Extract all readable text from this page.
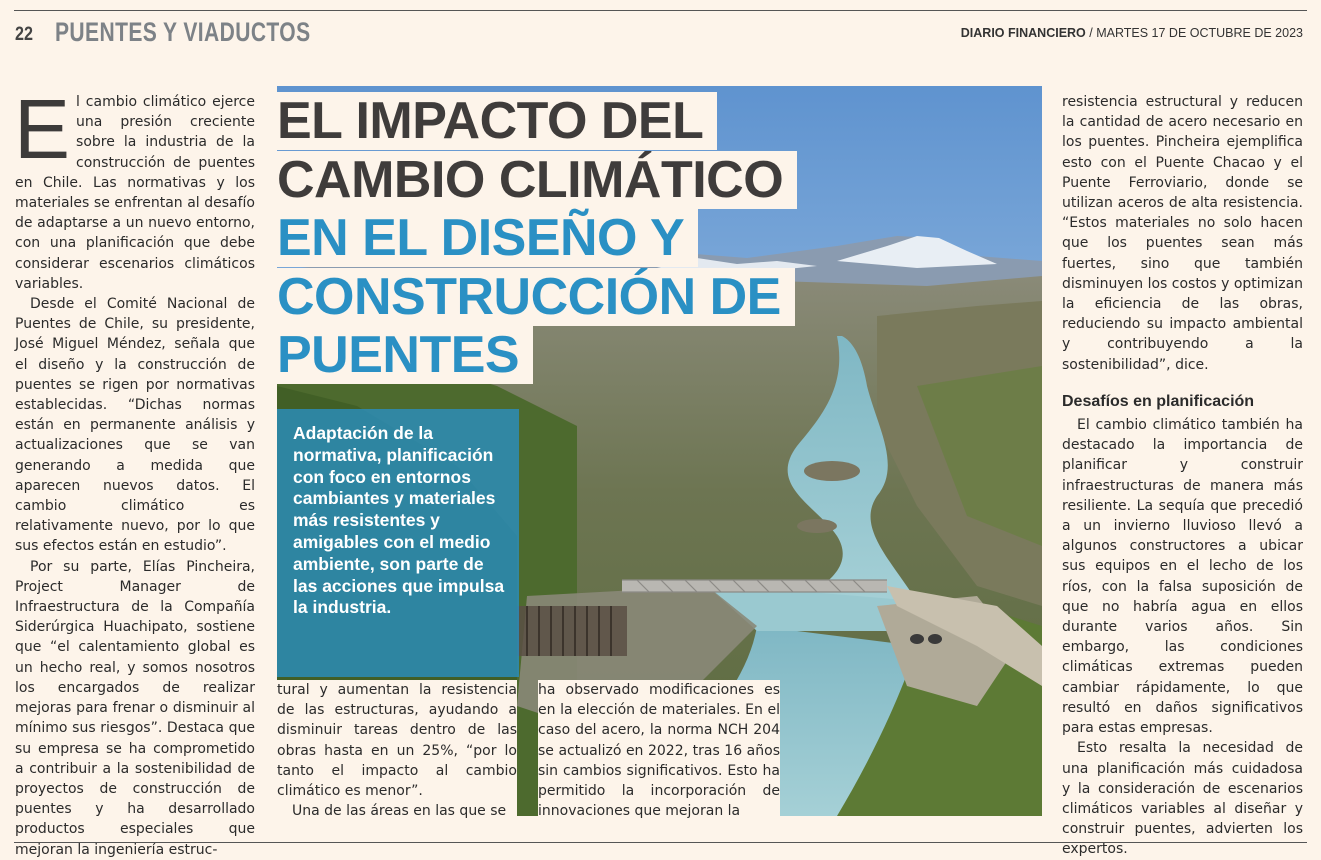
22 PUENTES Y VIADUCTOS	DIARIO FINANCIERO / MARTES 17 DE OCTUBRE DE 2023

El cambio climático ejerce una presión creciente sobre la industria de la construcción de puentes en Chile. Las normativas y los materiales se enfrentan al desafío de adaptarse a un nuevo entorno, con una planificación que debe considerar escenarios climáticos variables.

Desde el Comité Nacional de Puentes de Chile, su presidente, José Miguel Méndez, señala que el diseño y la construcción de puentes se rigen por normativas establecidas. “Dichas normas están en permanente análisis y actualizaciones que se van generando a medida que aparecen nuevos datos. El cambio climático es relativamente nuevo, por lo que sus efectos están en estudio”.

Por su parte, Elías Pincheira, Project Manager de Infraestructura de la Compañía Siderúrgica Huachipato, sostiene que “el calentamiento global es un hecho real, y somos nosotros los encargados de realizar mejoras para frenar o disminuir al mínimo sus riesgos”. Destaca que su empresa se ha comprometido a contribuir a la sostenibilidad de proyectos de construcción de puentes y ha desarrollado productos especiales que mejoran la ingeniería estruc-

EL IMPACTO DEL
CAMBIO CLIMÁTICO
EN EL DISEÑO Y
CONSTRUCCIÓN DE
PUENTES
Adaptación de la normativa, planificación con foco en entornos cambiantes y materiales más resistentes y amigables con el medio ambiente, son parte de las acciones que impulsa la industria.

tural y aumentan la resistencia de las estructuras, ayudando a disminuir tareas dentro de las obras hasta en un 25%, “por lo tanto el impacto al cambio climático es menor”.

Una de las áreas en las que se

ha observado modificaciones es en la elección de materiales. En el caso del acero, la norma NCH 204 se actualizó en 2022, tras 16 años sin cambios significativos. Esto ha permitido la incorporación de innovaciones que mejoran la

resistencia estructural y reducen la cantidad de acero necesario en los puentes. Pincheira ejemplifica esto con el Puente Chacao y el Puente Ferroviario, donde se utilizan aceros de alta resistencia. “Estos materiales no solo hacen que los puentes sean más fuertes, sino que también disminuyen los costos y optimizan la eficiencia de las obras, reduciendo su impacto ambiental y contribuyendo a la sostenibilidad”, dice.

Desafíos en planificación

El cambio climático también ha destacado la importancia de planificar y construir infraestructuras de manera más resiliente. La sequía que precedió a un invierno lluvioso llevó a algunos constructores a ubicar sus equipos en el lecho de los ríos, con la falsa suposición de que no habría agua en ellos durante varios años. Sin embargo, las condiciones climáticas extremas pueden cambiar rápidamente, lo que resultó en daños significativos para estas empresas.

Esto resalta la necesidad de una planificación más cuidadosa y la consideración de escenarios climáticos variables al diseñar y construir puentes, advierten los expertos.
